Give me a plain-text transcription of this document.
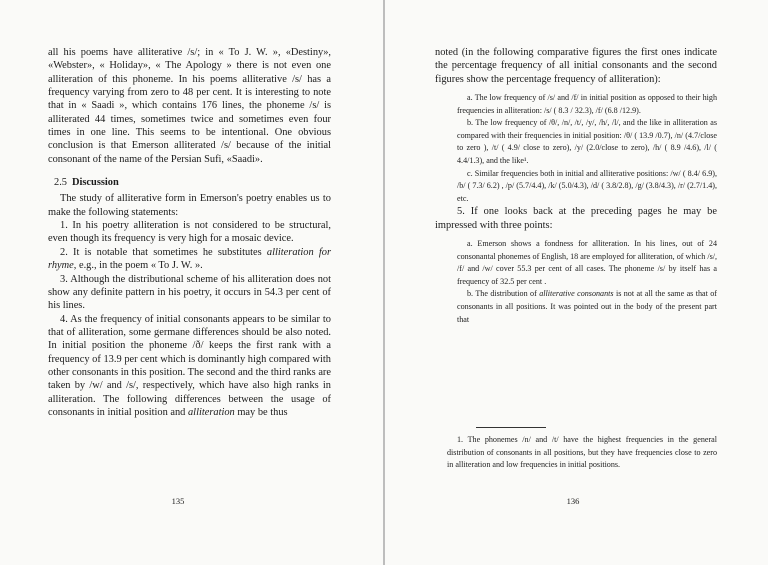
all his poems have alliterative /s/; in « To J. W. », «Destiny», «Webster», « Holiday», « The Apology » there is not even one alliteration of this phoneme. In his poems alliterative /s/ has a frequency varying from zero to 48 per cent. It is interesting to note that in « Saadi », which contains 176 lines, the phoneme /s/ is alliterated 44 times, sometimes twice and sometimes even four times in one line. This seems to be intentional. One obvious conclusion is that Emerson alliterated /s/ because of the initial consonant of the name of the Persian Sufi, «Saadi».

2.5 Discussion

The study of alliterative form in Emerson's poetry enables us to make the following statements:

1. In his poetry alliteration is not considered to be structural, even though its frequency is very high for a mosaic device.

2. It is notable that sometimes he substitutes alliteration for rhyme, e.g., in the poem « To J. W. ».

3. Although the distributional scheme of his alliteration does not show any definite pattern in his poetry, it occurs in 54.3 per cent of his lines.

4. As the frequency of initial consonants appears to be similar to that of alliteration, some germane differences should be also noted. In initial position the phoneme /ð/ keeps the first rank with a frequency of 13.9 per cent which is dominantly high compared with other consonants in this position. The second and the third ranks are taken by /w/ and /s/, respectively, which have also high ranks in alliteration. The following differences between the usage of consonants in initial position and alliteration may be thus

135

noted (in the following comparative figures the first ones indicate the percentage frequency of all initial consonants and the second figures show the percentage frequency of alliteration):

a. The low frequency of /s/ and /f/ in initial position as opposed to their high frequencies in alliteration: /s/ ( 8.3 / 32.3), /f/ (6.8 /12.9).

b. The low frequency of /θ/, /n/, /t/, /y/, /h/, /l/, and the like in alliteration as compared with their frequencies in initial position: /θ/ ( 13.9 /0.7), /n/ (4.7/close to zero ), /t/ ( 4.9/ close to zero), /y/ (2.0/close to zero), /h/ ( 8.9 /4.6), /l/ ( 4.4/1.3), and the like¹.

c. Similar frequencies both in initial and alliterative positions: /w/ ( 8.4/ 6.9), /b/ ( 7.3/ 6.2) , /p/ (5.7/4.4), /k/ (5.0/4.3), /d/ ( 3.8/2.8), /g/ (3.8/4.3), /r/ (2.7/1.4), etc.

5. If one looks back at the preceding pages he may be impressed with three points:

a. Emerson shows a fondness for alliteration. In his lines, out of 24 consonantal phonemes of English, 18 are employed for alliteration, of which /s/, /f/ and /w/ cover 55.3 per cent of all cases. The phoneme /s/ by itself has a frequency of 32.5 per cent .

b. The distribution of alliterative consonants is not at all the same as that of consonants in all positions. It was pointed out in the body of the present part that

1. The phonemes /n/ and /t/ have the highest frequencies in the general distribution of consonants in all positions, but they have frequencies close to zero in alliteration and low frequencies in initial positions.
136
